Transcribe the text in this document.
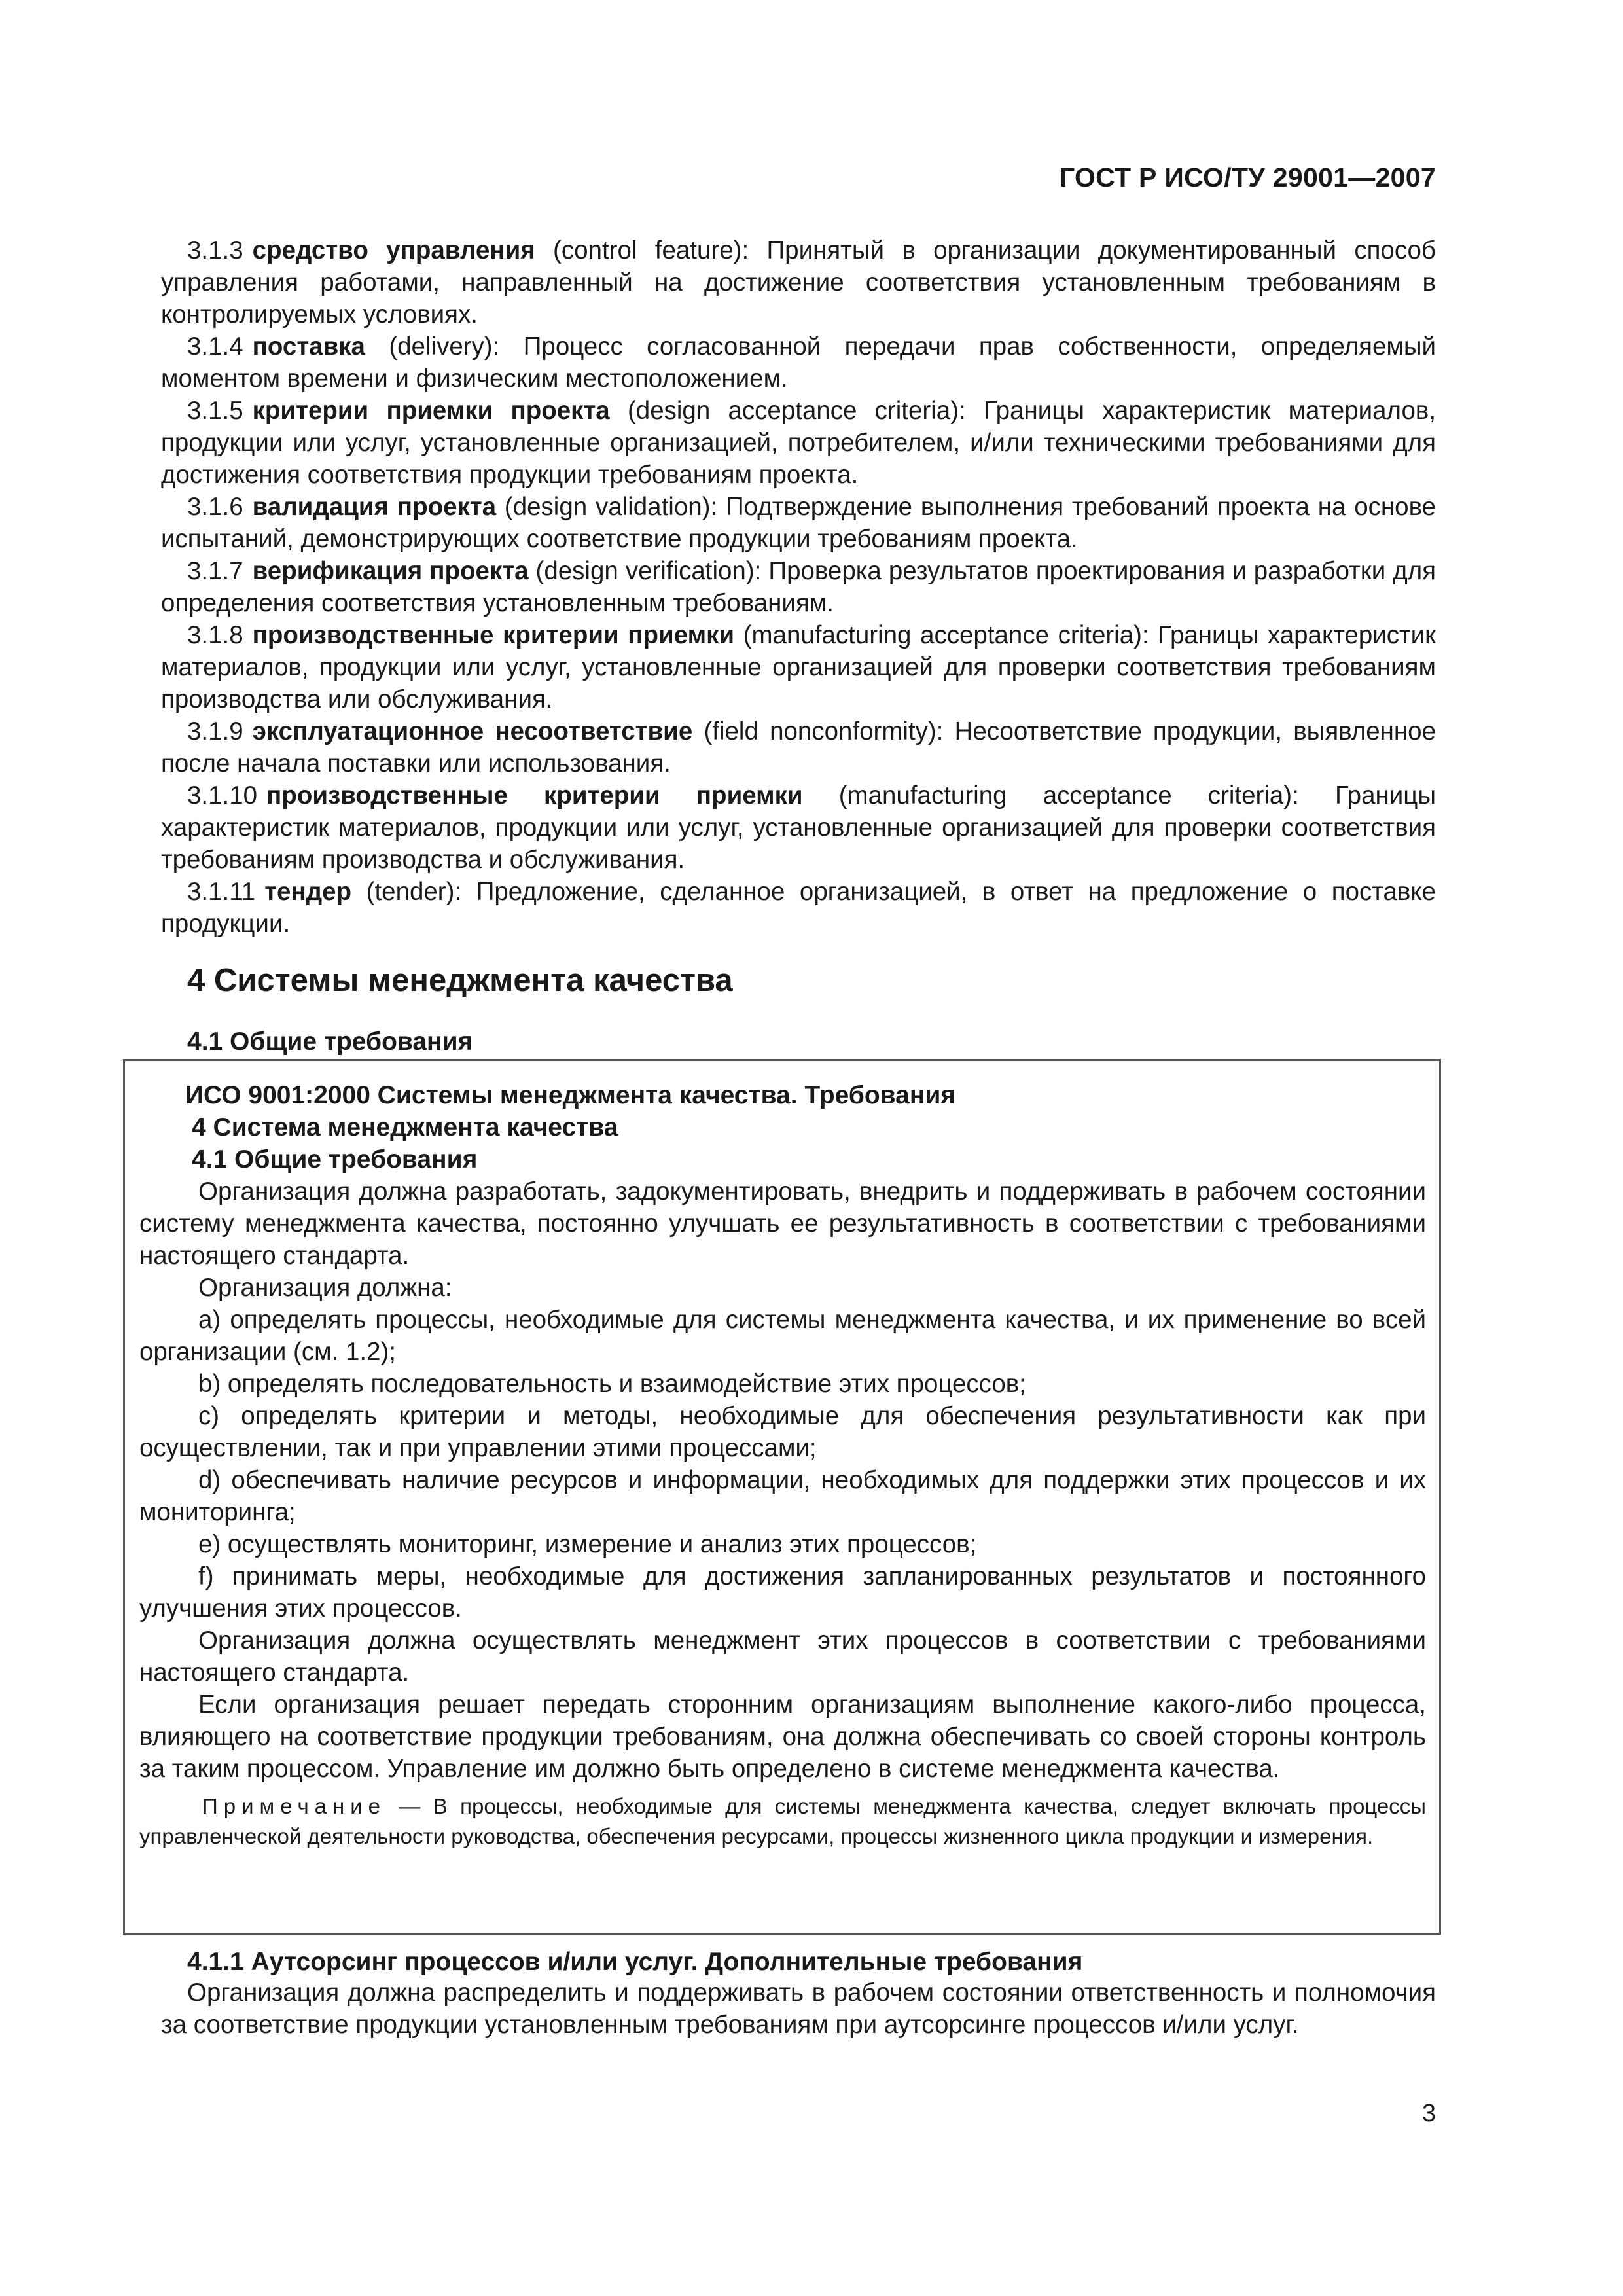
ГОСТ Р ИСО/ТУ 29001—2007

3.1.3 средство управления (control feature): Принятый в организации документированный способ управления работами, направленный на достижение соответствия установленным требованиям в контролируемых условиях.

3.1.4 поставка (delivery): Процесс согласованной передачи прав собственности, определяемый моментом времени и физическим местоположением.

3.1.5 критерии приемки проекта (design acceptance criteria): Границы характеристик материалов, продукции или услуг, установленные организацией, потребителем, и/или техническими требованиями для достижения соответствия продукции требованиям проекта.

3.1.6 валидация проекта (design validation): Подтверждение выполнения требований проекта на основе испытаний, демонстрирующих соответствие продукции требованиям проекта.

3.1.7 верификация проекта (design verification): Проверка результатов проектирования и разработки для определения соответствия установленным требованиям.

3.1.8 производственные критерии приемки (manufacturing acceptance criteria): Границы характеристик материалов, продукции или услуг, установленные организацией для проверки соответствия требованиям производства или обслуживания.

3.1.9 эксплуатационное несоответствие (field nonconformity): Несоответствие продукции, выявленное после начала поставки или использования.

3.1.10 производственные критерии приемки (manufacturing acceptance criteria): Границы характеристик материалов, продукции или услуг, установленные организацией для проверки соответствия требованиям производства и обслуживания.

3.1.11 тендер (tender): Предложение, сделанное организацией, в ответ на предложение о поставке продукции.

4 Системы менеджмента качества
4.1 Общие требования

ИСО 9001:2000 Системы менеджмента качества. Требования

4 Система менеджмента качества

4.1 Общие требования

Организация должна разработать, задокументировать, внедрить и поддерживать в рабочем состоянии систему менеджмента качества, постоянно улучшать ее результативность в соответствии с требованиями настоящего стандарта.

Организация должна:

а) определять процессы, необходимые для системы менеджмента качества, и их применение во всей организации (см. 1.2);

b) определять последовательность и взаимодействие этих процессов;

c) определять критерии и методы, необходимые для обеспечения результативности как при осуществлении, так и при управлении этими процессами;

d) обеспечивать наличие ресурсов и информации, необходимых для поддержки этих процессов и их мониторинга;

e) осуществлять мониторинг, измерение и анализ этих процессов;

f) принимать меры, необходимые для достижения запланированных результатов и постоянного улучшения этих процессов.

Организация должна осуществлять менеджмент этих процессов в соответствии с требованиями настоящего стандарта.

Если организация решает передать сторонним организациям выполнение какого-либо процесса, влияющего на соответствие продукции требованиям, она должна обеспечивать со своей стороны контроль за таким процессом. Управление им должно быть определено в системе менеджмента качества.

Примечание — В процессы, необходимые для системы менеджмента качества, следует включать процессы управленческой деятельности руководства, обеспечения ресурсами, процессы жизненного цикла продукции и измерения.

4.1.1 Аутсорсинг процессов и/или услуг. Дополнительные требования
Организация должна распределить и поддерживать в рабочем состоянии ответственность и полномочия за соответствие продукции установленным требованиям при аутсорсинге процессов и/или услуг.
3
